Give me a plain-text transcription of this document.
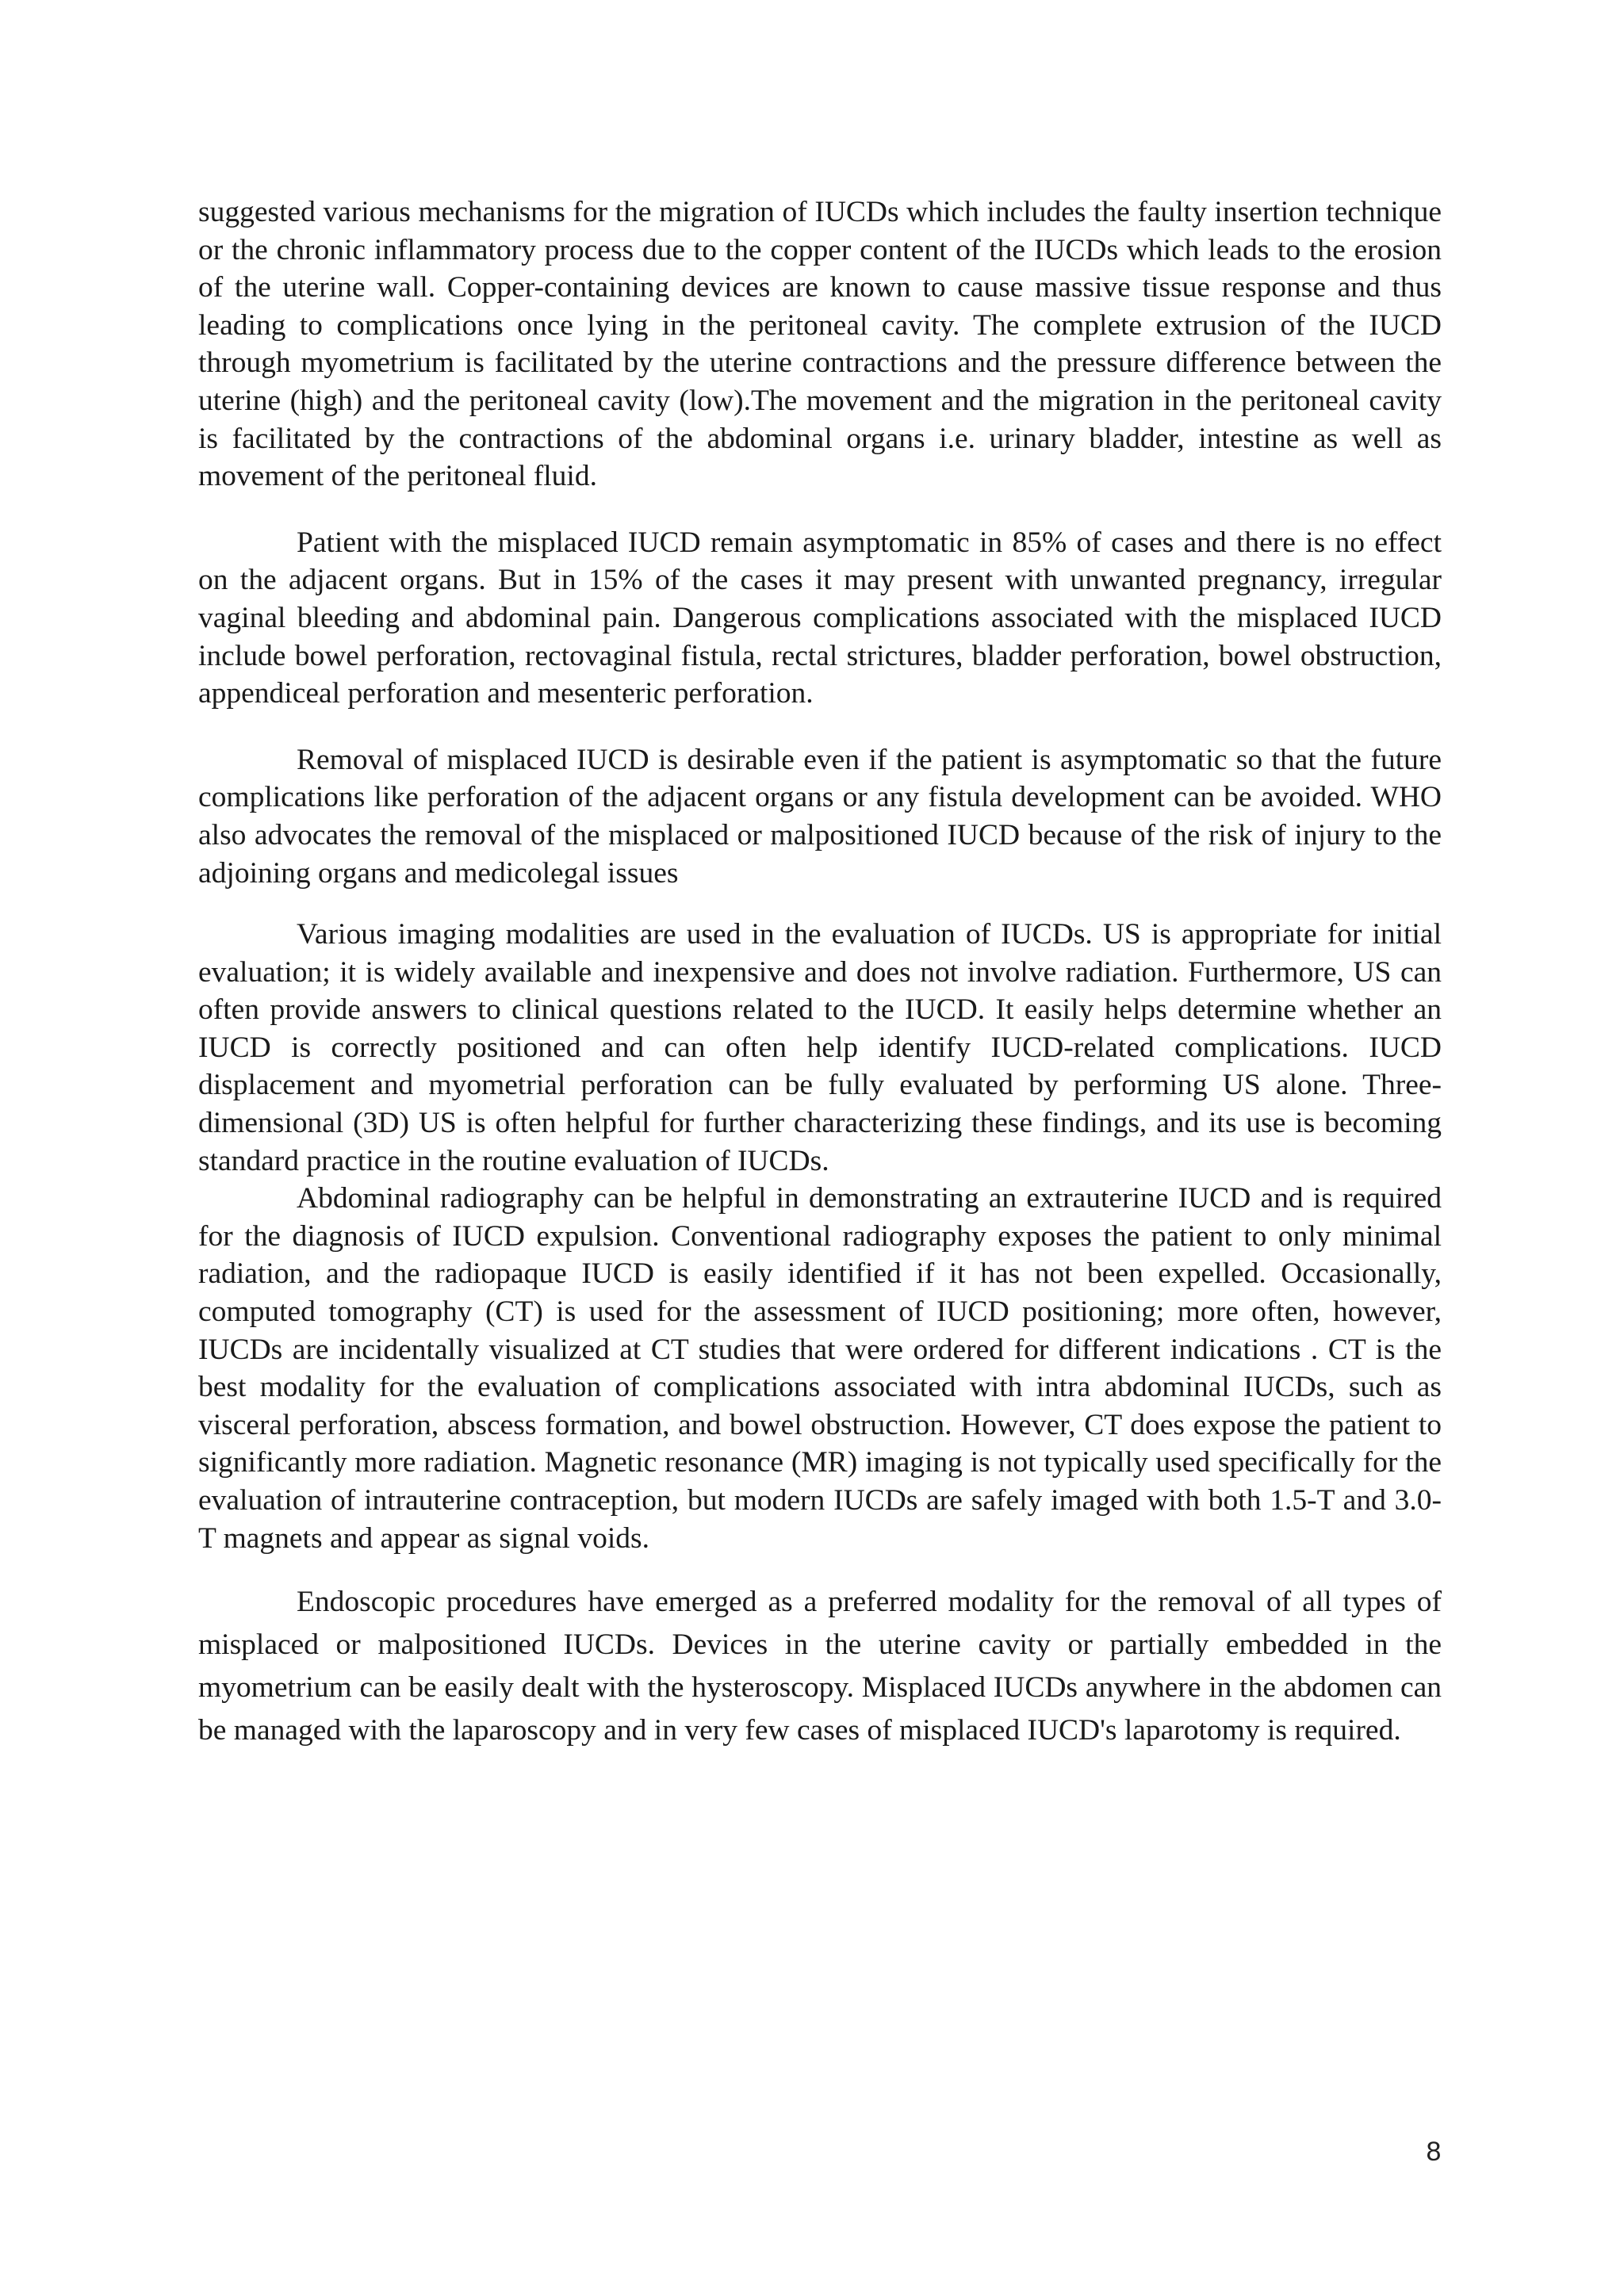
suggested various mechanisms for the migration of IUCDs which includes the faulty insertion technique or the chronic inflammatory process due to the copper content of the IUCDs which leads to the erosion of the uterine wall. Copper-containing devices are known to cause massive tissue response and thus leading to complications once lying in the peritoneal cavity. The complete extrusion of the IUCD through myometrium is facilitated by the uterine contractions and the pressure difference between the uterine (high) and the peritoneal cavity (low).The movement and the migration in the peritoneal cavity is facilitated by the contractions of the abdominal organs i.e. urinary bladder, intestine as well as movement of the peritoneal fluid.

Patient with the misplaced IUCD remain asymptomatic in 85% of cases and there is no effect on the adjacent organs. But in 15% of the cases it may present with unwanted pregnancy, irregular vaginal bleeding and abdominal pain. Dangerous complications associated with the misplaced IUCD include bowel perforation, rectovaginal fistula, rectal strictures, bladder perforation, bowel obstruction, appendiceal perforation and mesenteric perforation.

Removal of misplaced IUCD is desirable even if the patient is asymptomatic so that the future complications like perforation of the adjacent organs or any fistula development can be avoided. WHO also advocates the removal of the misplaced or malpositioned IUCD because of the risk of injury to the adjoining organs and medicolegal issues

Various imaging modalities are used in the evaluation of IUCDs. US is appropriate for initial evaluation; it is widely available and inexpensive and does not involve radiation. Furthermore, US can often provide answers to clinical questions related to the IUCD. It easily helps determine whether an IUCD is correctly positioned and can often help identify IUCD-related complications. IUCD displacement and myometrial perforation can be fully evaluated by performing US alone. Three-dimensional (3D) US is often helpful for further characterizing these findings, and its use is becoming standard practice in the routine evaluation of IUCDs.

Abdominal radiography can be helpful in demonstrating an extrauterine IUCD and is required for the diagnosis of IUCD expulsion. Conventional radiography exposes the patient to only minimal radiation, and the radiopaque IUCD is easily identified if it has not been expelled. Occasionally, computed tomography (CT) is used for the assessment of IUCD positioning; more often, however, IUCDs are incidentally visualized at CT studies that were ordered for different indications . CT is the best modality for the evaluation of complications associated with intra abdominal IUCDs, such as visceral perforation, abscess formation, and bowel obstruction. However, CT does expose the patient to significantly more radiation. Magnetic resonance (MR) imaging is not typically used specifically for the evaluation of intrauterine contraception, but modern IUCDs are safely imaged with both 1.5-T and 3.0-T magnets and appear as signal voids.

Endoscopic procedures have emerged as a preferred modality for the removal of all types of misplaced or malpositioned IUCDs. Devices in the uterine cavity or partially embedded in the myometrium can be easily dealt with the hysteroscopy. Misplaced IUCDs anywhere in the abdomen can be managed with the laparoscopy and in very few cases of misplaced IUCD's laparotomy is required.

8
